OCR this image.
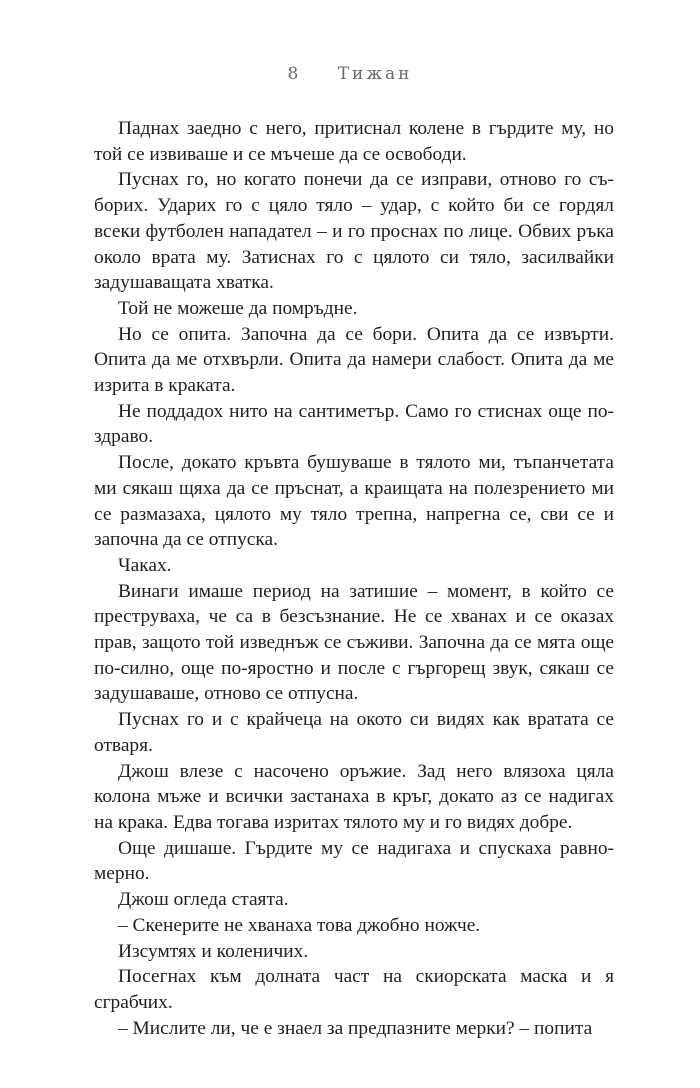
8 Тижан

Паднах заедно с него, притиснал колене в гърдите му, но той се извиваше и се мъчеше да се освободи.

Пуснах го, но когато понечи да се изправи, отново го съборих. Ударих го с цяло тяло – удар, с който би се гордял всеки футболен нападател – и го проснах по лице. Обвих ръка около врата му. Затиснах го с цялото си тяло, засилвайки задушаващата хватка.

Той не можеше да помръдне.

Но се опита. Започна да се бори. Опита да се извърти. Опита да ме отхвърли. Опита да намери слабост. Опита да ме изрита в краката.

Не поддадох нито на сантиметър. Само го стиснах още по-здраво.

После, докато кръвта бушуваше в тялото ми, тъпанчетата ми сякаш щяха да се пръснат, а краищата на полезрението ми се размазаха, цялото му тяло трепна, напрегна се, сви се и започна да се отпуска.

Чаках.

Винаги имаше период на затишие – момент, в който се преструваха, че са в безсъзнание. Не се хванах и се оказах прав, защото той изведнъж се съживи. Започна да се мята още по-силно, още по-яростно и после с гъргорещ звук, сякаш се задушаваше, отново се отпусна.

Пуснах го и с крайчеца на окото си видях как вратата се отваря.

Джош влезе с насочено оръжие. Зад него влязоха цяла колона мъже и всички застанаха в кръг, докато аз се надигах на крака. Едва тогава изритах тялото му и го видях добре.

Още дишаше. Гърдите му се надигаха и спускаха равномерно.

Джош огледа стаята.

– Скенерите не хванаха това джобно ножче.

Изсумтях и коленичих.

Посегнах към долната част на скиорската маска и я сграбчих.

– Мислите ли, че е знаел за предпазните мерки? – попита
